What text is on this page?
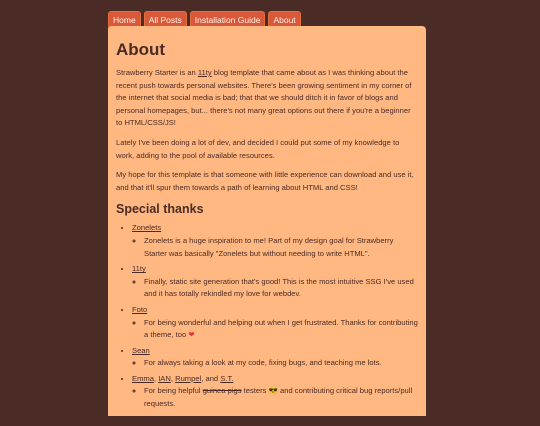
Home	All Posts	Installation Guide	About
About

Strawberry Starter is an 11ty blog template that came about as I was thinking about the recent push towards personal websites. There's been growing sentiment in my corner of the internet that social media is bad; that that we should ditch it in favor of blogs and personal homepages, but... there's not many great options out there if you're a beginner to HTML/CSS/JS!

Lately I've been doing a lot of dev, and decided I could put some of my knowledge to work, adding to the pool of available resources.

My hope for this template is that someone with little experience can download and use it, and that it'll spur them towards a path of learning about HTML and CSS!

Special thanks
• Zonelets
◦ Zonelets is a huge inspiration to me! Part of my design goal for Strawberry Starter was basically "Zonelets but without needing to write HTML".
• 11ty
◦ Finally, static site generation that's good! This is the most intuitive SSG I've used and it has totally rekindled my love for webdev.
• Foto
◦ For being wonderful and helping out when I get frustrated. Thanks for contributing a theme, too ❤
• Sean
◦ For always taking a look at my code, fixing bugs, and teaching me lots.
• Emma, IAN, Rumpel, and S.T.
◦ For being helpful guinea pigs testers 😎 and contributing critical bug reports/pull requests.
• My friends who blog
